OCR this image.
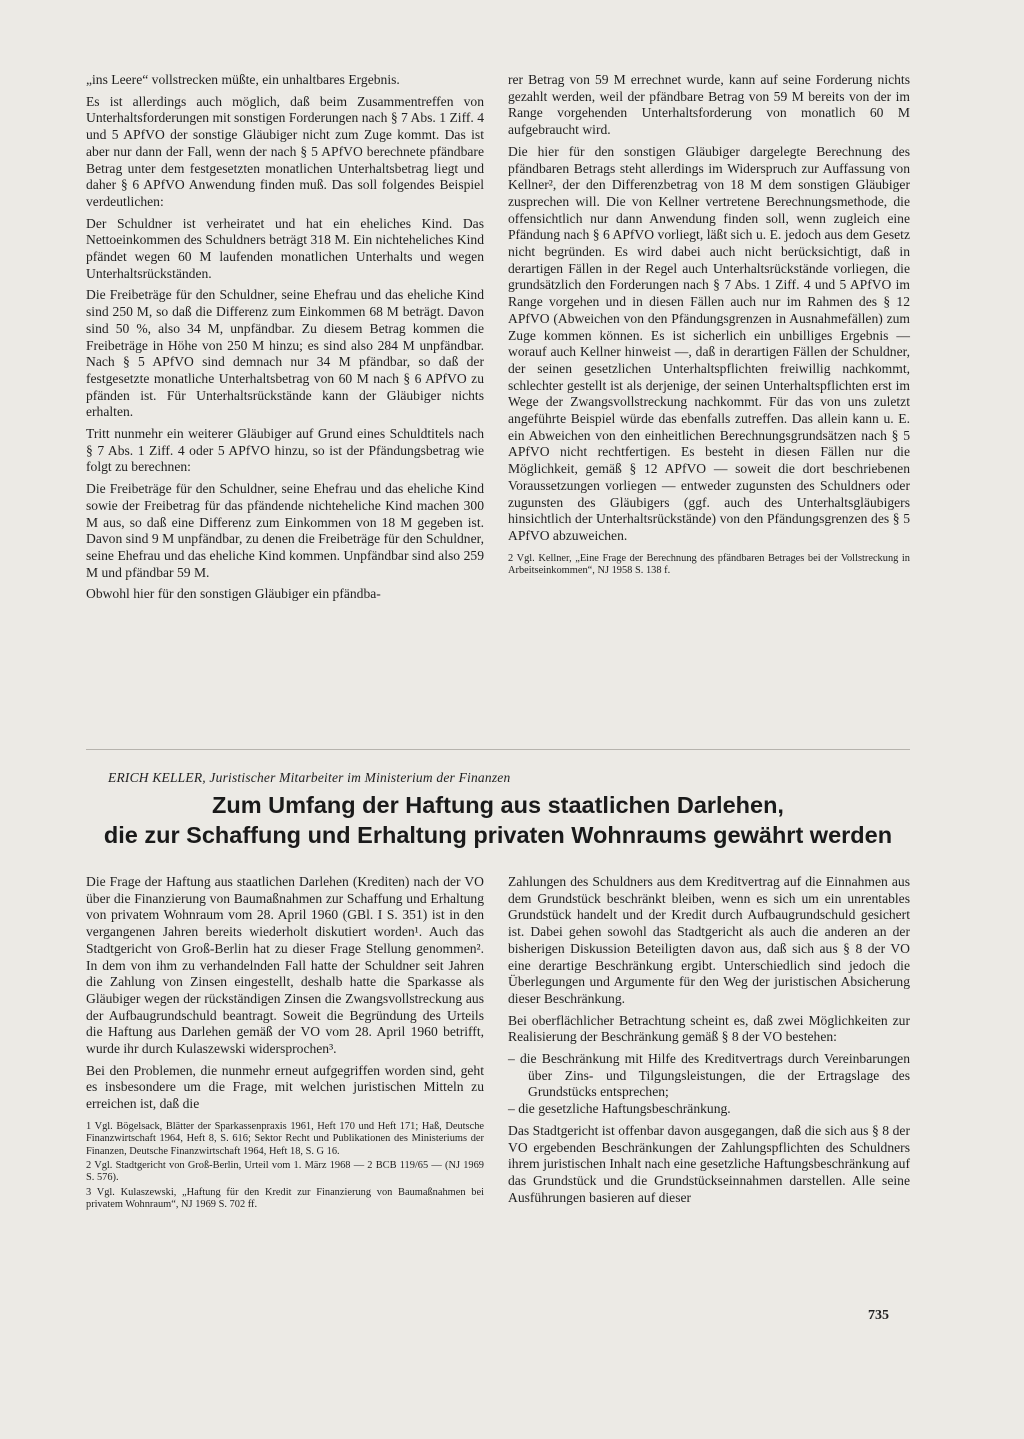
„ins Leere“ vollstrecken müßte, ein unhaltbares Ergebnis.

Es ist allerdings auch möglich, daß beim Zusammentreffen von Unterhaltsforderungen mit sonstigen Forderungen nach § 7 Abs. 1 Ziff. 4 und 5 APfVO der sonstige Gläubiger nicht zum Zuge kommt. Das ist aber nur dann der Fall, wenn der nach § 5 APfVO berechnete pfändbare Betrag unter dem festgesetzten monatlichen Unterhaltsbetrag liegt und daher § 6 APfVO Anwendung finden muß. Das soll folgendes Beispiel verdeutlichen:

Der Schuldner ist verheiratet und hat ein eheliches Kind. Das Nettoeinkommen des Schuldners beträgt 318 M. Ein nichteheliches Kind pfändet wegen 60 M laufenden monatlichen Unterhalts und wegen Unterhaltsrückständen.

Die Freibeträge für den Schuldner, seine Ehefrau und das eheliche Kind sind 250 M, so daß die Differenz zum Einkommen 68 M beträgt. Davon sind 50 %, also 34 M, unpfändbar. Zu diesem Betrag kommen die Freibeträge in Höhe von 250 M hinzu; es sind also 284 M unpfändbar. Nach § 5 APfVO sind demnach nur 34 M pfändbar, so daß der festgesetzte monatliche Unterhaltsbetrag von 60 M nach § 6 APfVO zu pfänden ist. Für Unterhaltsrückstände kann der Gläubiger nichts erhalten.

Tritt nunmehr ein weiterer Gläubiger auf Grund eines Schuldtitels nach § 7 Abs. 1 Ziff. 4 oder 5 APfVO hinzu, so ist der Pfändungsbetrag wie folgt zu berechnen:

Die Freibeträge für den Schuldner, seine Ehefrau und das eheliche Kind sowie der Freibetrag für das pfändende nichteheliche Kind machen 300 M aus, so daß eine Differenz zum Einkommen von 18 M gegeben ist. Davon sind 9 M unpfändbar, zu denen die Freibeträge für den Schuldner, seine Ehefrau und das eheliche Kind kommen. Unpfändbar sind also 259 M und pfändbar 59 M.

Obwohl hier für den sonstigen Gläubiger ein pfändba-

rer Betrag von 59 M errechnet wurde, kann auf seine Forderung nichts gezahlt werden, weil der pfändbare Betrag von 59 M bereits von der im Range vorgehenden Unterhaltsforderung von monatlich 60 M aufgebraucht wird.

Die hier für den sonstigen Gläubiger dargelegte Berechnung des pfändbaren Betrags steht allerdings im Widerspruch zur Auffassung von Kellner², der den Differenzbetrag von 18 M dem sonstigen Gläubiger zusprechen will. Die von Kellner vertretene Berechnungsmethode, die offensichtlich nur dann Anwendung finden soll, wenn zugleich eine Pfändung nach § 6 APfVO vorliegt, läßt sich u. E. jedoch aus dem Gesetz nicht begründen. Es wird dabei auch nicht berücksichtigt, daß in derartigen Fällen in der Regel auch Unterhaltsrückstände vorliegen, die grundsätzlich den Forderungen nach § 7 Abs. 1 Ziff. 4 und 5 APfVO im Range vorgehen und in diesen Fällen auch nur im Rahmen des § 12 APfVO (Abweichen von den Pfändungsgrenzen in Ausnahmefällen) zum Zuge kommen können. Es ist sicherlich ein unbilliges Ergebnis — worauf auch Kellner hinweist —, daß in derartigen Fällen der Schuldner, der seinen gesetzlichen Unterhaltspflichten freiwillig nachkommt, schlechter gestellt ist als derjenige, der seinen Unterhaltspflichten erst im Wege der Zwangsvollstreckung nachkommt. Für das von uns zuletzt angeführte Beispiel würde das ebenfalls zutreffen. Das allein kann u. E. ein Abweichen von den einheitlichen Berechnungsgrundsätzen nach § 5 APfVO nicht rechtfertigen. Es besteht in diesen Fällen nur die Möglichkeit, gemäß § 12 APfVO — soweit die dort beschriebenen Voraussetzungen vorliegen — entweder zugunsten des Schuldners oder zugunsten des Gläubigers (ggf. auch des Unterhaltsgläubigers hinsichtlich der Unterhaltsrückstände) von den Pfändungsgrenzen des § 5 APfVO abzuweichen.

2 Vgl. Kellner, „Eine Frage der Berechnung des pfändbaren Betrages bei der Vollstreckung in Arbeitseinkommen“, NJ 1958 S. 138 f.

ERICH KELLER, Juristischer Mitarbeiter im Ministerium der Finanzen
Zum Umfang der Haftung aus staatlichen Darlehen,
die zur Schaffung und Erhaltung privaten Wohnraums gewährt werden

Die Frage der Haftung aus staatlichen Darlehen (Krediten) nach der VO über die Finanzierung von Baumaßnahmen zur Schaffung und Erhaltung von privatem Wohnraum vom 28. April 1960 (GBl. I S. 351) ist in den vergangenen Jahren bereits wiederholt diskutiert worden¹. Auch das Stadtgericht von Groß-Berlin hat zu dieser Frage Stellung genommen². In dem von ihm zu verhandelnden Fall hatte der Schuldner seit Jahren die Zahlung von Zinsen eingestellt, deshalb hatte die Sparkasse als Gläubiger wegen der rückständigen Zinsen die Zwangsvollstreckung aus der Aufbaugrundschuld beantragt. Soweit die Begründung des Urteils die Haftung aus Darlehen gemäß der VO vom 28. April 1960 betrifft, wurde ihr durch Kulaszewski widersprochen³.

Bei den Problemen, die nunmehr erneut aufgegriffen worden sind, geht es insbesondere um die Frage, mit welchen juristischen Mitteln zu erreichen ist, daß die

1 Vgl. Bögelsack, Blätter der Sparkassenpraxis 1961, Heft 170 und Heft 171; Haß, Deutsche Finanzwirtschaft 1964, Heft 8, S. 616; Sektor Recht und Publikationen des Ministeriums der Finanzen, Deutsche Finanzwirtschaft 1964, Heft 18, S. G 16.

2 Vgl. Stadtgericht von Groß-Berlin, Urteil vom 1. März 1968 — 2 BCB 119/65 — (NJ 1969 S. 576).

3 Vgl. Kulaszewski, „Haftung für den Kredit zur Finanzierung von Baumaßnahmen bei privatem Wohnraum“, NJ 1969 S. 702 ff.

Zahlungen des Schuldners aus dem Kreditvertrag auf die Einnahmen aus dem Grundstück beschränkt bleiben, wenn es sich um ein unrentables Grundstück handelt und der Kredit durch Aufbaugrundschuld gesichert ist. Dabei gehen sowohl das Stadtgericht als auch die anderen an der bisherigen Diskussion Beteiligten davon aus, daß sich aus § 8 der VO eine derartige Beschränkung ergibt. Unterschiedlich sind jedoch die Überlegungen und Argumente für den Weg der juristischen Absicherung dieser Beschränkung.

Bei oberflächlicher Betrachtung scheint es, daß zwei Möglichkeiten zur Realisierung der Beschränkung gemäß § 8 der VO bestehen:

– die Beschränkung mit Hilfe des Kreditvertrags durch Vereinbarungen über Zins- und Tilgungsleistungen, die der Ertragslage des Grundstücks entsprechen;
– die gesetzliche Haftungsbeschränkung.

Das Stadtgericht ist offenbar davon ausgegangen, daß die sich aus § 8 der VO ergebenden Beschränkungen der Zahlungspflichten des Schuldners ihrem juristischen Inhalt nach eine gesetzliche Haftungsbeschränkung auf das Grundstück und die Grundstückseinnahmen darstellen. Alle seine Ausführungen basieren auf dieser

735
